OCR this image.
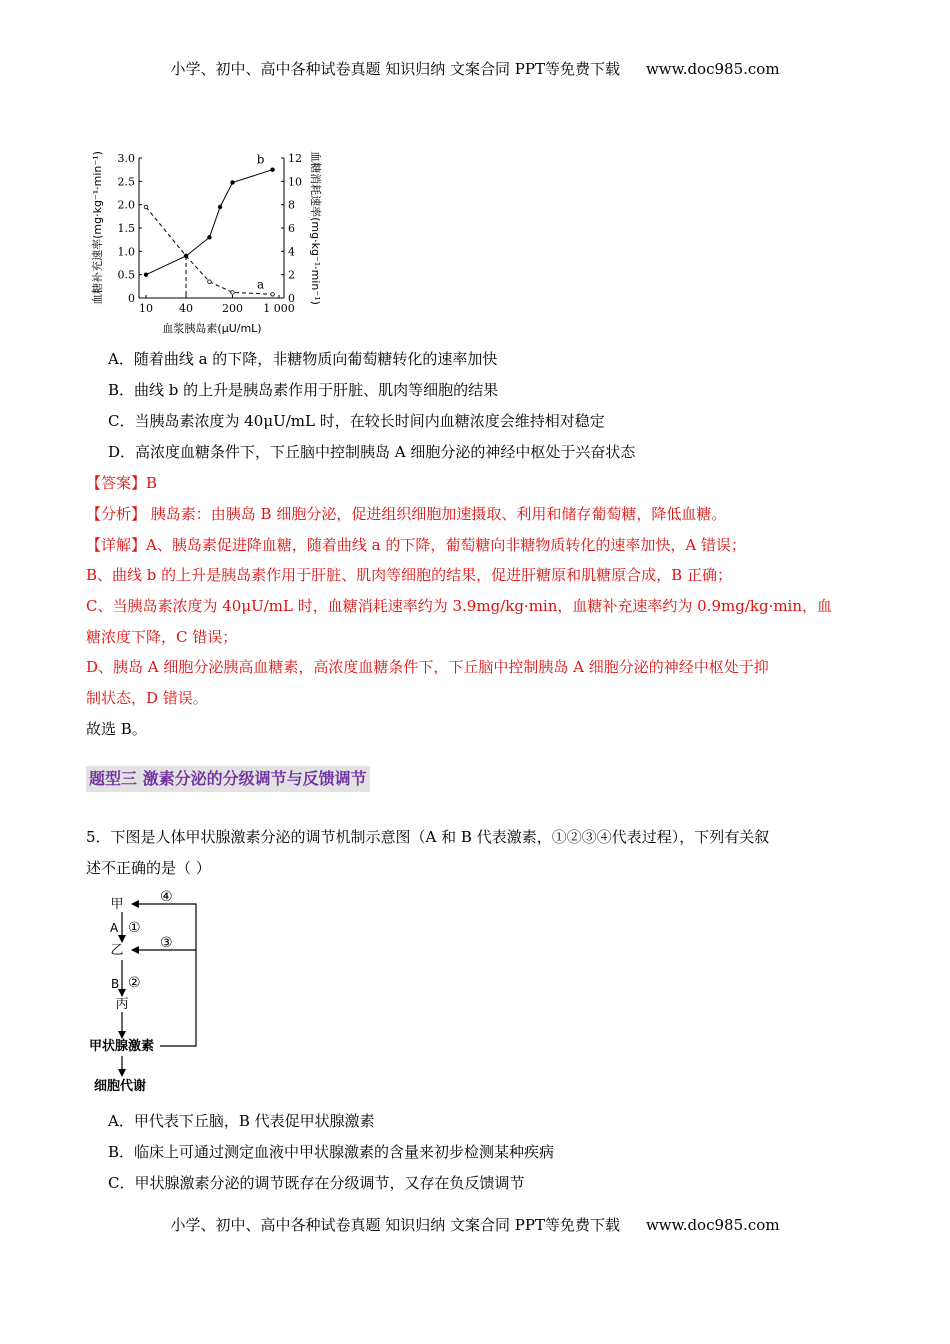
小学、初中、高中各种试卷真题 知识归纳 文案合同 PPT等免费下载 www.doc985.com
0
0.5
1.0
1.5
2.0
2.5
3.0
0
2
4
6
8
10
12
10 40	200 1 000
a
b
血糖补充速率(mg·kg⁻¹·min⁻¹)	血糖消耗速率(mg·kg⁻¹·min⁻¹)
血浆胰岛素(μU/mL)
A．随着曲线 a 的下降，非糖物质向葡萄糖转化的速率加快
B．曲线 b 的上升是胰岛素作用于肝脏、肌肉等细胞的结果
C．当胰岛素浓度为 40μU/mL 时，在较长时间内血糖浓度会维持相对稳定
D．高浓度血糖条件下，下丘脑中控制胰岛 A 细胞分泌的神经中枢处于兴奋状态
【答案】B
【分析】 胰岛素：由胰岛 B 细胞分泌，促进组织细胞加速摄取、利用和储存葡萄糖，降低血糖。
【详解】A、胰岛素促进降血糖，随着曲线 a 的下降，葡萄糖向非糖物质转化的速率加快，A 错误；
B、曲线 b 的上升是胰岛素作用于肝脏、肌肉等细胞的结果，促进肝糖原和肌糖原合成，B 正确；
C、当胰岛素浓度为 40μU/mL 时，血糖消耗速率约为 3.9mg/kg·min，血糖补充速率约为 0.9mg/kg·min，血
糖浓度下降，C 错误；
D、胰岛 A 细胞分泌胰高血糖素，高浓度血糖条件下，下丘脑中控制胰岛 A 细胞分泌的神经中枢处于抑
制状态，D 错误。
故选 B。
题型三 激素分泌的分级调节与反馈调节
5．下图是人体甲状腺激素分泌的调节机制示意图（A 和 B 代表激素，①②③④代表过程），下列有关叙
述不正确的是（ ）
甲
乙
丙
甲状腺激素
细胞代谢
A
B
①
②
③
④
A．甲代表下丘脑，B 代表促甲状腺激素
B．临床上可通过测定血液中甲状腺激素的含量来初步检测某种疾病
C．甲状腺激素分泌的调节既存在分级调节，又存在负反馈调节
小学、初中、高中各种试卷真题 知识归纳 文案合同 PPT等免费下载 www.doc985.com
